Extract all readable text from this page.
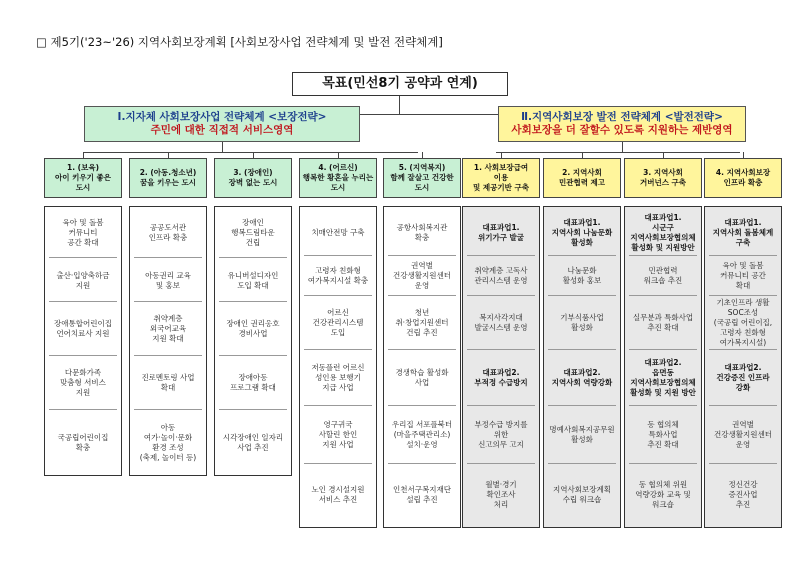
□ 제5기('23~'26) 지역사회보장계획 [사회보장사업 전략체계 및 발전 전략체계]
목표(민선8기 공약과 연계)
Ⅰ.지자체 사회보장사업 전략체계 <보장전략>
주민에 대한 직접적 서비스영역
Ⅱ.지역사회보장 발전 전략체계 <발전전략>
사회보장을 더 잘할수 있도록 지원하는 제반영역
1. (보육)
아이 키우기 좋은
도시
육아 및 돌봄
커뮤니티
공간 확대
출산·입양축하금
지원
장애통합어린이집
언어치료사 지원
다문화가족
맞춤형 서비스
지원
국공립어린이집
확충
2. (아동.청소년)
꿈을 키우는 도시
공공도서관
인프라 확충
아동권리 교육
및 홍보
취약계층
외국어교육
지원 확대
진로멘토링 사업
확대
아동
여가·놀이·문화
환경 조성
(축제, 놀이터 등)
3. (장애인)
장벽 없는 도시
장애인
행복드림타운
건립
유니버설디자인
도입 확대
장애인 권리옹호
경비사업
장애아동
프로그램 확대
시각장애인 일자리
사업 추진
4. (어르신)
행복한 황혼을 누리는
도시
치매안전망 구축
고령자 친화형
여가복지시설 확충
어르신
건강관리시스템
도입
저동플런 어르신
성인용 보행기
지급 사업
영구귀국
사할린 한인
지원 사업
노인 경시설지원
서비스 추진
5. (지역복지)
함께 잘살고 건강한
도시
공항사회복지관
확충
권역별
건강생활지원센터
운영
청년
취·창업지원센터
건립 추진
경생학습 활성화
사업
우리집 서포플북터
(마을주택관리소)
설치·운영
인천서구복지재단
설립 추진
1. 사회보장급여
이용
및 제공기반 구축
대표과업1.
위기가구 발굴
취약계층 고독사
관리시스템 운영
복지사각지대
발굴시스템 운영
대표과업2.
부적정 수급방지
부정수급 방지를
위한
신고의무 고지
월별·경기
확인조사
처리
2. 지역사회
민관협력 제고
대표과업1.
지역사회 나눔문화
활성화
나눔문화
활성화 홍보
기부식품사업
활성화
대표과업2.
지역사회 역량강화
명예사회복지공무원
활성화
지역사회보장계획
수립 워크숍
3. 지역사회
거버넌스 구축
대표과업1.
시군구
지역사회보장협의체
활성화 및 지원방안
민관협력
워크숍 추진
실무분과 특화사업
추진 확대
대표과업2.
읍면동
지역사회보장협의체
활성화 및 지원 방안
동 협의체
특화사업
추진 확대
동 협의체 위원
역량강화 교육 및
워크숍
4. 지역사회보장
인프라 확충
대표과업1.
지역사회 돌봄체계
구축
육아 및 돌봄
커뮤니티 공간
확대
기초인프라 생활
SOC조성
(국공립 어린이집,
고령자 친화형
여가복지시설)
대표과업2.
건강증진 인프라
강화
권역별
건강생활지원센터
운영
정신건강
증진사업
추진
